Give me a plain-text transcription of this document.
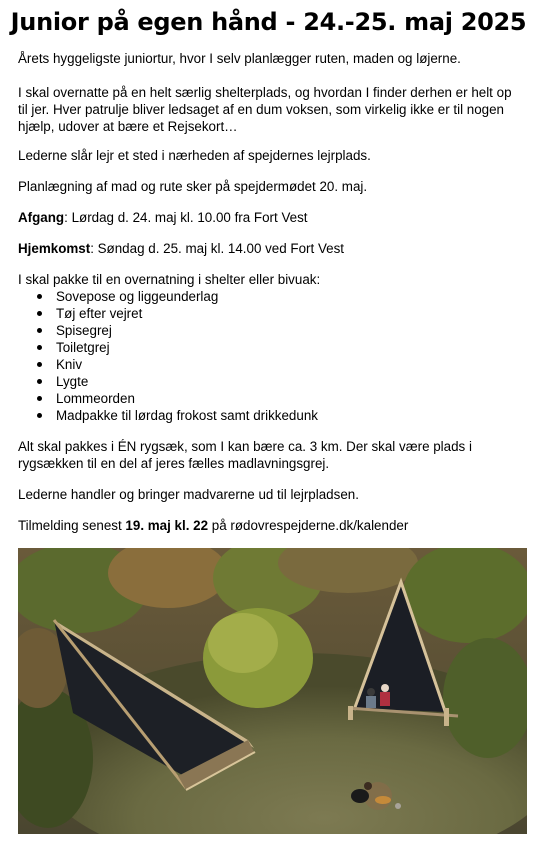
Junior på egen hånd - 24.-25. maj 2025
Årets hyggeligste juniortur, hvor I selv planlægger ruten, maden og løjerne.
I skal overnatte på en helt særlig shelterplads, og hvordan I finder derhen er helt op til jer. Hver patrulje bliver ledsaget af en dum voksen, som virkelig ikke er til nogen hjælp, udover at bære et Rejsekort…
Lederne slår lejr et sted i nærheden af spejdernes lejrplads.
Planlægning af mad og rute sker på spejdermødet 20. maj.
Afgang: Lørdag d. 24. maj kl. 10.00 fra Fort Vest
Hjemkomst: Søndag d. 25. maj kl. 14.00 ved Fort Vest
I skal pakke til en overnatning i shelter eller bivuak:
Sovepose og liggeunderlag
Tøj efter vejret
Spisegrej
Toiletgrej
Kniv
Lygte
Lommeorden
Madpakke til lørdag frokost samt drikkedunk
Alt skal pakkes i ÉN rygsæk, som I kan bære ca. 3 km. Der skal være plads i rygsækken til en del af jeres fælles madlavningsgrej.
Lederne handler og bringer madvarerne ud til lejrpladsen.
Tilmelding senest 19. maj kl. 22 på rødovrespejderne.dk/kalender
